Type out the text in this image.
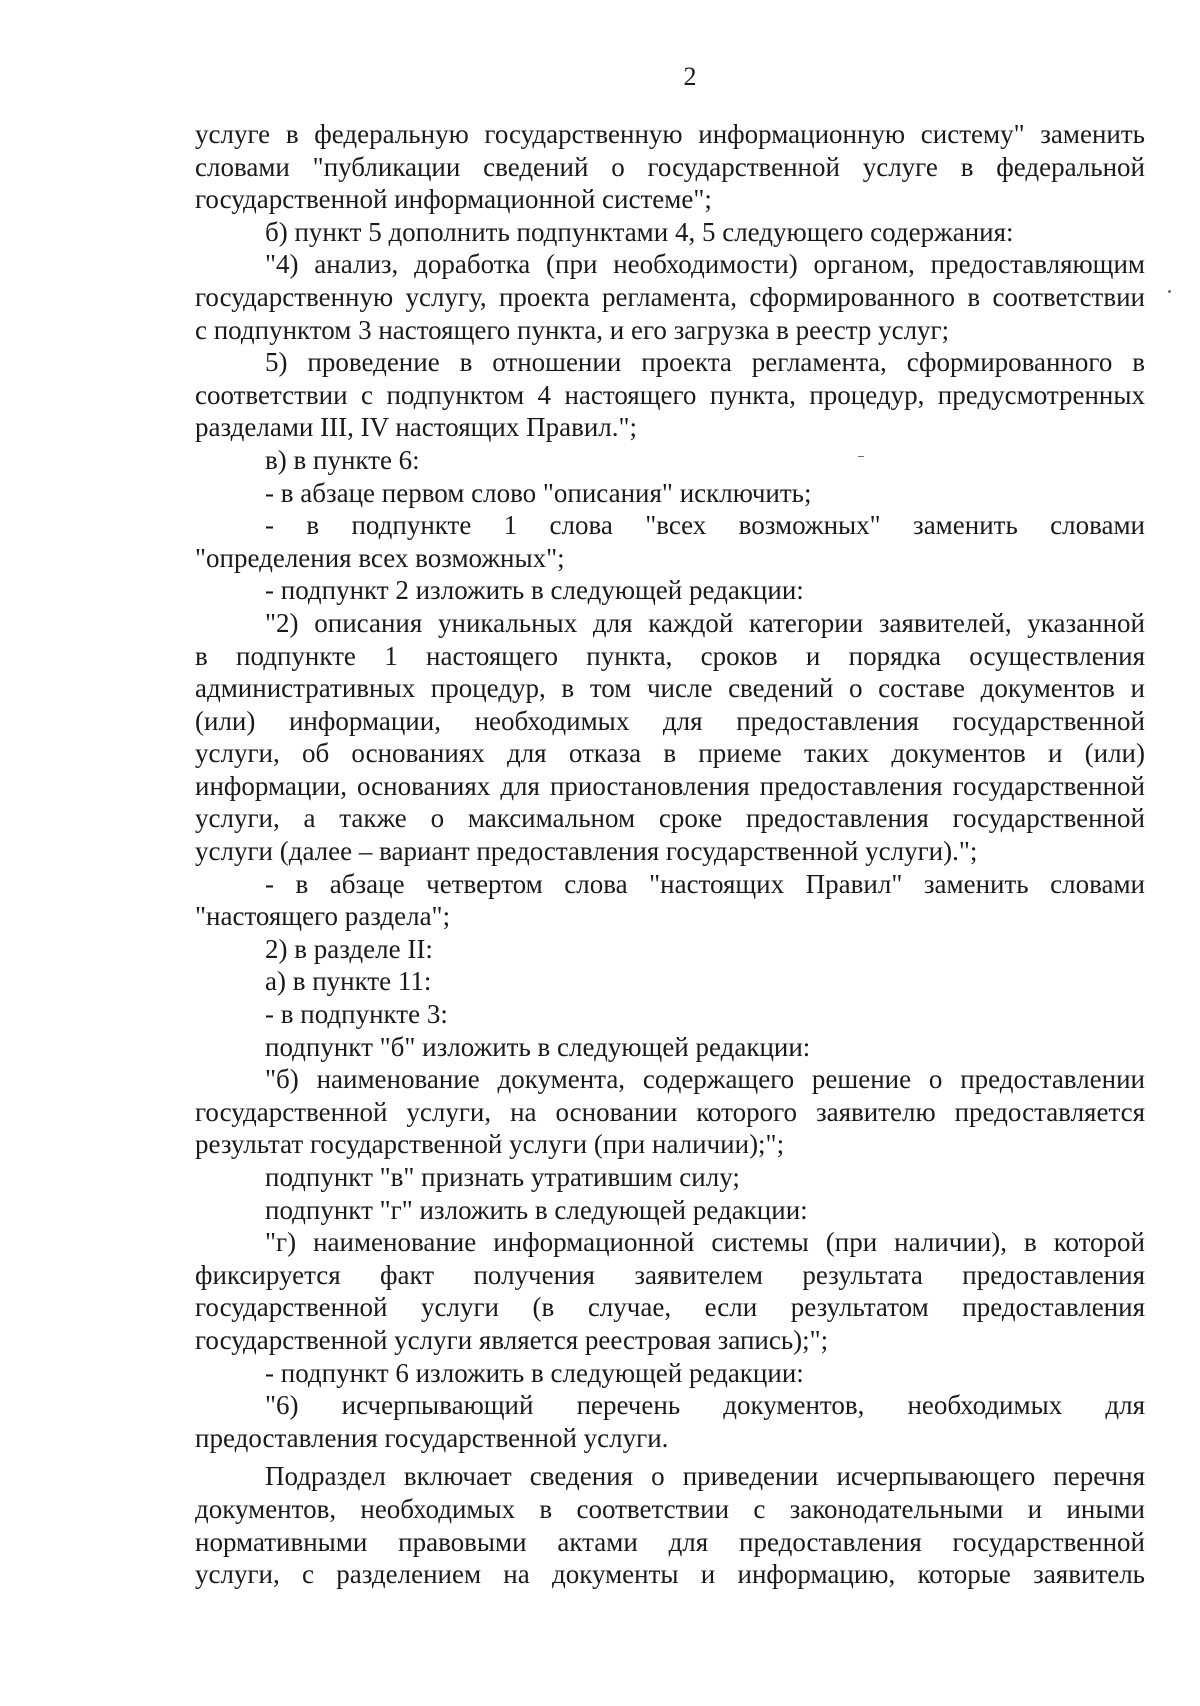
2
услуге в федеральную государственную информационную систему" заменить
словами "публикации сведений о государственной услуге в федеральной
государственной информационной системе";
б) пункт 5 дополнить подпунктами 4, 5 следующего содержания:
"4) анализ, доработка (при необходимости) органом, предоставляющим
государственную услугу, проекта регламента, сформированного в соответствии
с подпунктом 3 настоящего пункта, и его загрузка в реестр услуг;
5) проведение в отношении проекта регламента, сформированного в
соответствии с подпунктом 4 настоящего пункта, процедур, предусмотренных
разделами III, IV настоящих Правил.";
в) в пункте 6:
- в абзаце первом слово "описания" исключить;
- в подпункте 1 слова "всех возможных" заменить словами
"определения всех возможных";
- подпункт 2 изложить в следующей редакции:
"2) описания уникальных для каждой категории заявителей, указанной
в подпункте 1 настоящего пункта, сроков и порядка осуществления
административных процедур, в том числе сведений о составе документов и
(или) информации, необходимых для предоставления государственной
услуги, об основаниях для отказа в приеме таких документов и (или)
информации, основаниях для приостановления предоставления государственной
услуги, а также о максимальном сроке предоставления государственной
услуги (далее – вариант предоставления государственной услуги).";
- в абзаце четвертом слова "настоящих Правил" заменить словами
"настоящего раздела";
2) в разделе II:
а) в пункте 11:
- в подпункте 3:
подпункт "б" изложить в следующей редакции:
"б) наименование документа, содержащего решение о предоставлении
государственной услуги, на основании которого заявителю предоставляется
результат государственной услуги (при наличии);";
подпункт "в" признать утратившим силу;
подпункт "г" изложить в следующей редакции:
"г) наименование информационной системы (при наличии), в которой
фиксируется факт получения заявителем результата предоставления
государственной услуги (в случае, если результатом предоставления
государственной услуги является реестровая запись);";
- подпункт 6 изложить в следующей редакции:
"6) исчерпывающий перечень документов, необходимых для
предоставления государственной услуги.
Подраздел включает сведения о приведении исчерпывающего перечня
документов, необходимых в соответствии с законодательными и иными
нормативными правовыми актами для предоставления государственной
услуги, с разделением на документы и информацию, которые заявитель
